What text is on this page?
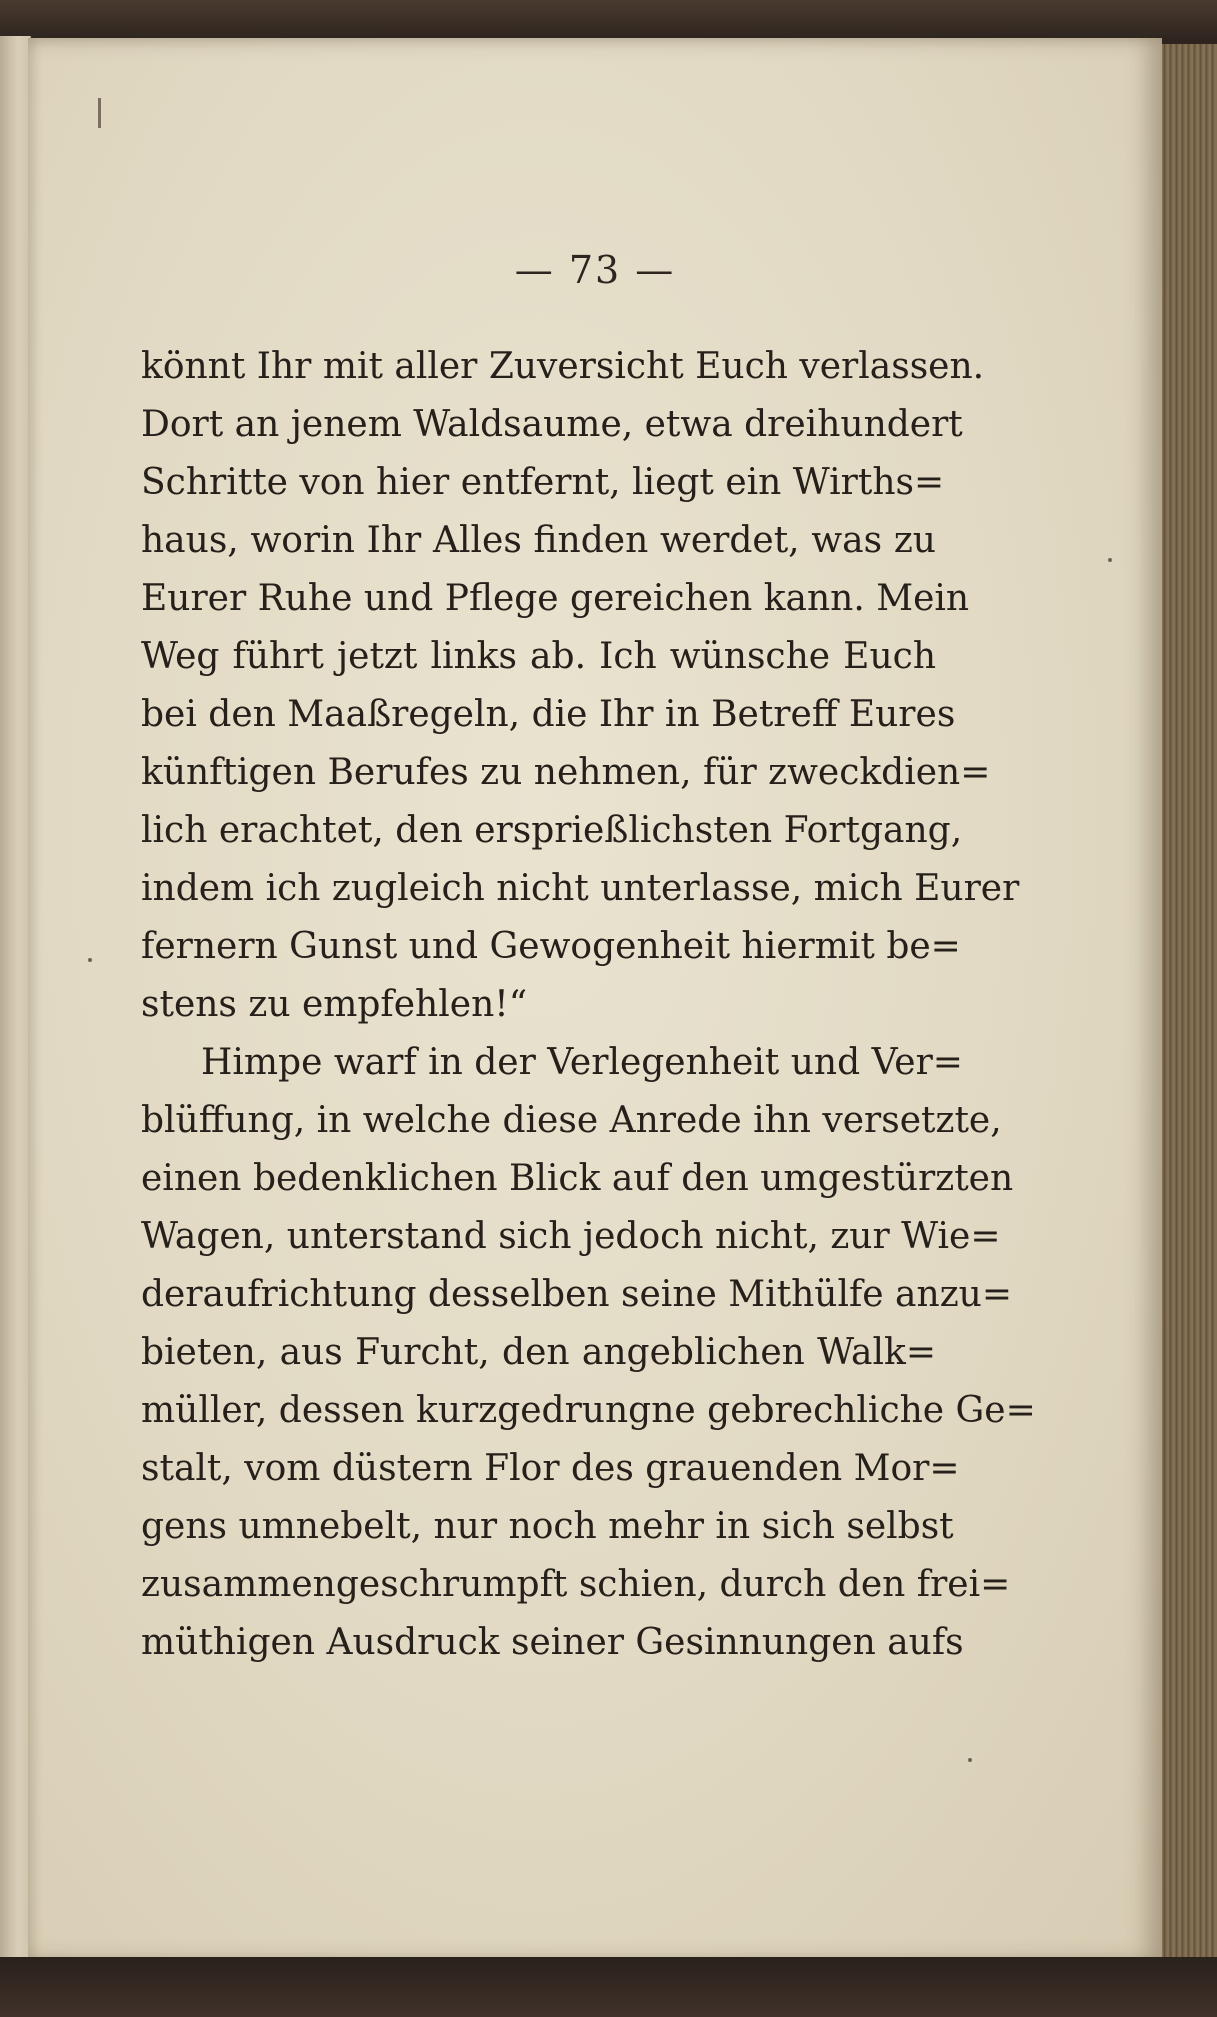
— 73 —
könnt Ihr mit aller Zuversicht Euch verlassen.
Dort an jenem Waldsaume, etwa dreihundert
Schritte von hier entfernt, liegt ein Wirths=
haus, worin Ihr Alles finden werdet, was zu
Eurer Ruhe und Pflege gereichen kann. Mein
Weg führt jetzt links ab. Ich wünsche Euch
bei den Maaßregeln, die Ihr in Betreff Eures
künftigen Berufes zu nehmen, für zweckdien=
lich erachtet, den ersprießlichsten Fortgang,
indem ich zugleich nicht unterlasse, mich Eurer
fernern Gunst und Gewogenheit hiermit be=
stens zu empfehlen!“
Himpe warf in der Verlegenheit und Ver=
blüffung, in welche diese Anrede ihn versetzte,
einen bedenklichen Blick auf den umgestürzten
Wagen, unterstand sich jedoch nicht, zur Wie=
deraufrichtung desselben seine Mithülfe anzu=
bieten, aus Furcht, den angeblichen Walk=
müller, dessen kurzgedrungne gebrechliche Ge=
stalt, vom düstern Flor des grauenden Mor=
gens umnebelt, nur noch mehr in sich selbst
zusammengeschrumpft schien, durch den frei=
müthigen Ausdruck seiner Gesinnungen aufs
